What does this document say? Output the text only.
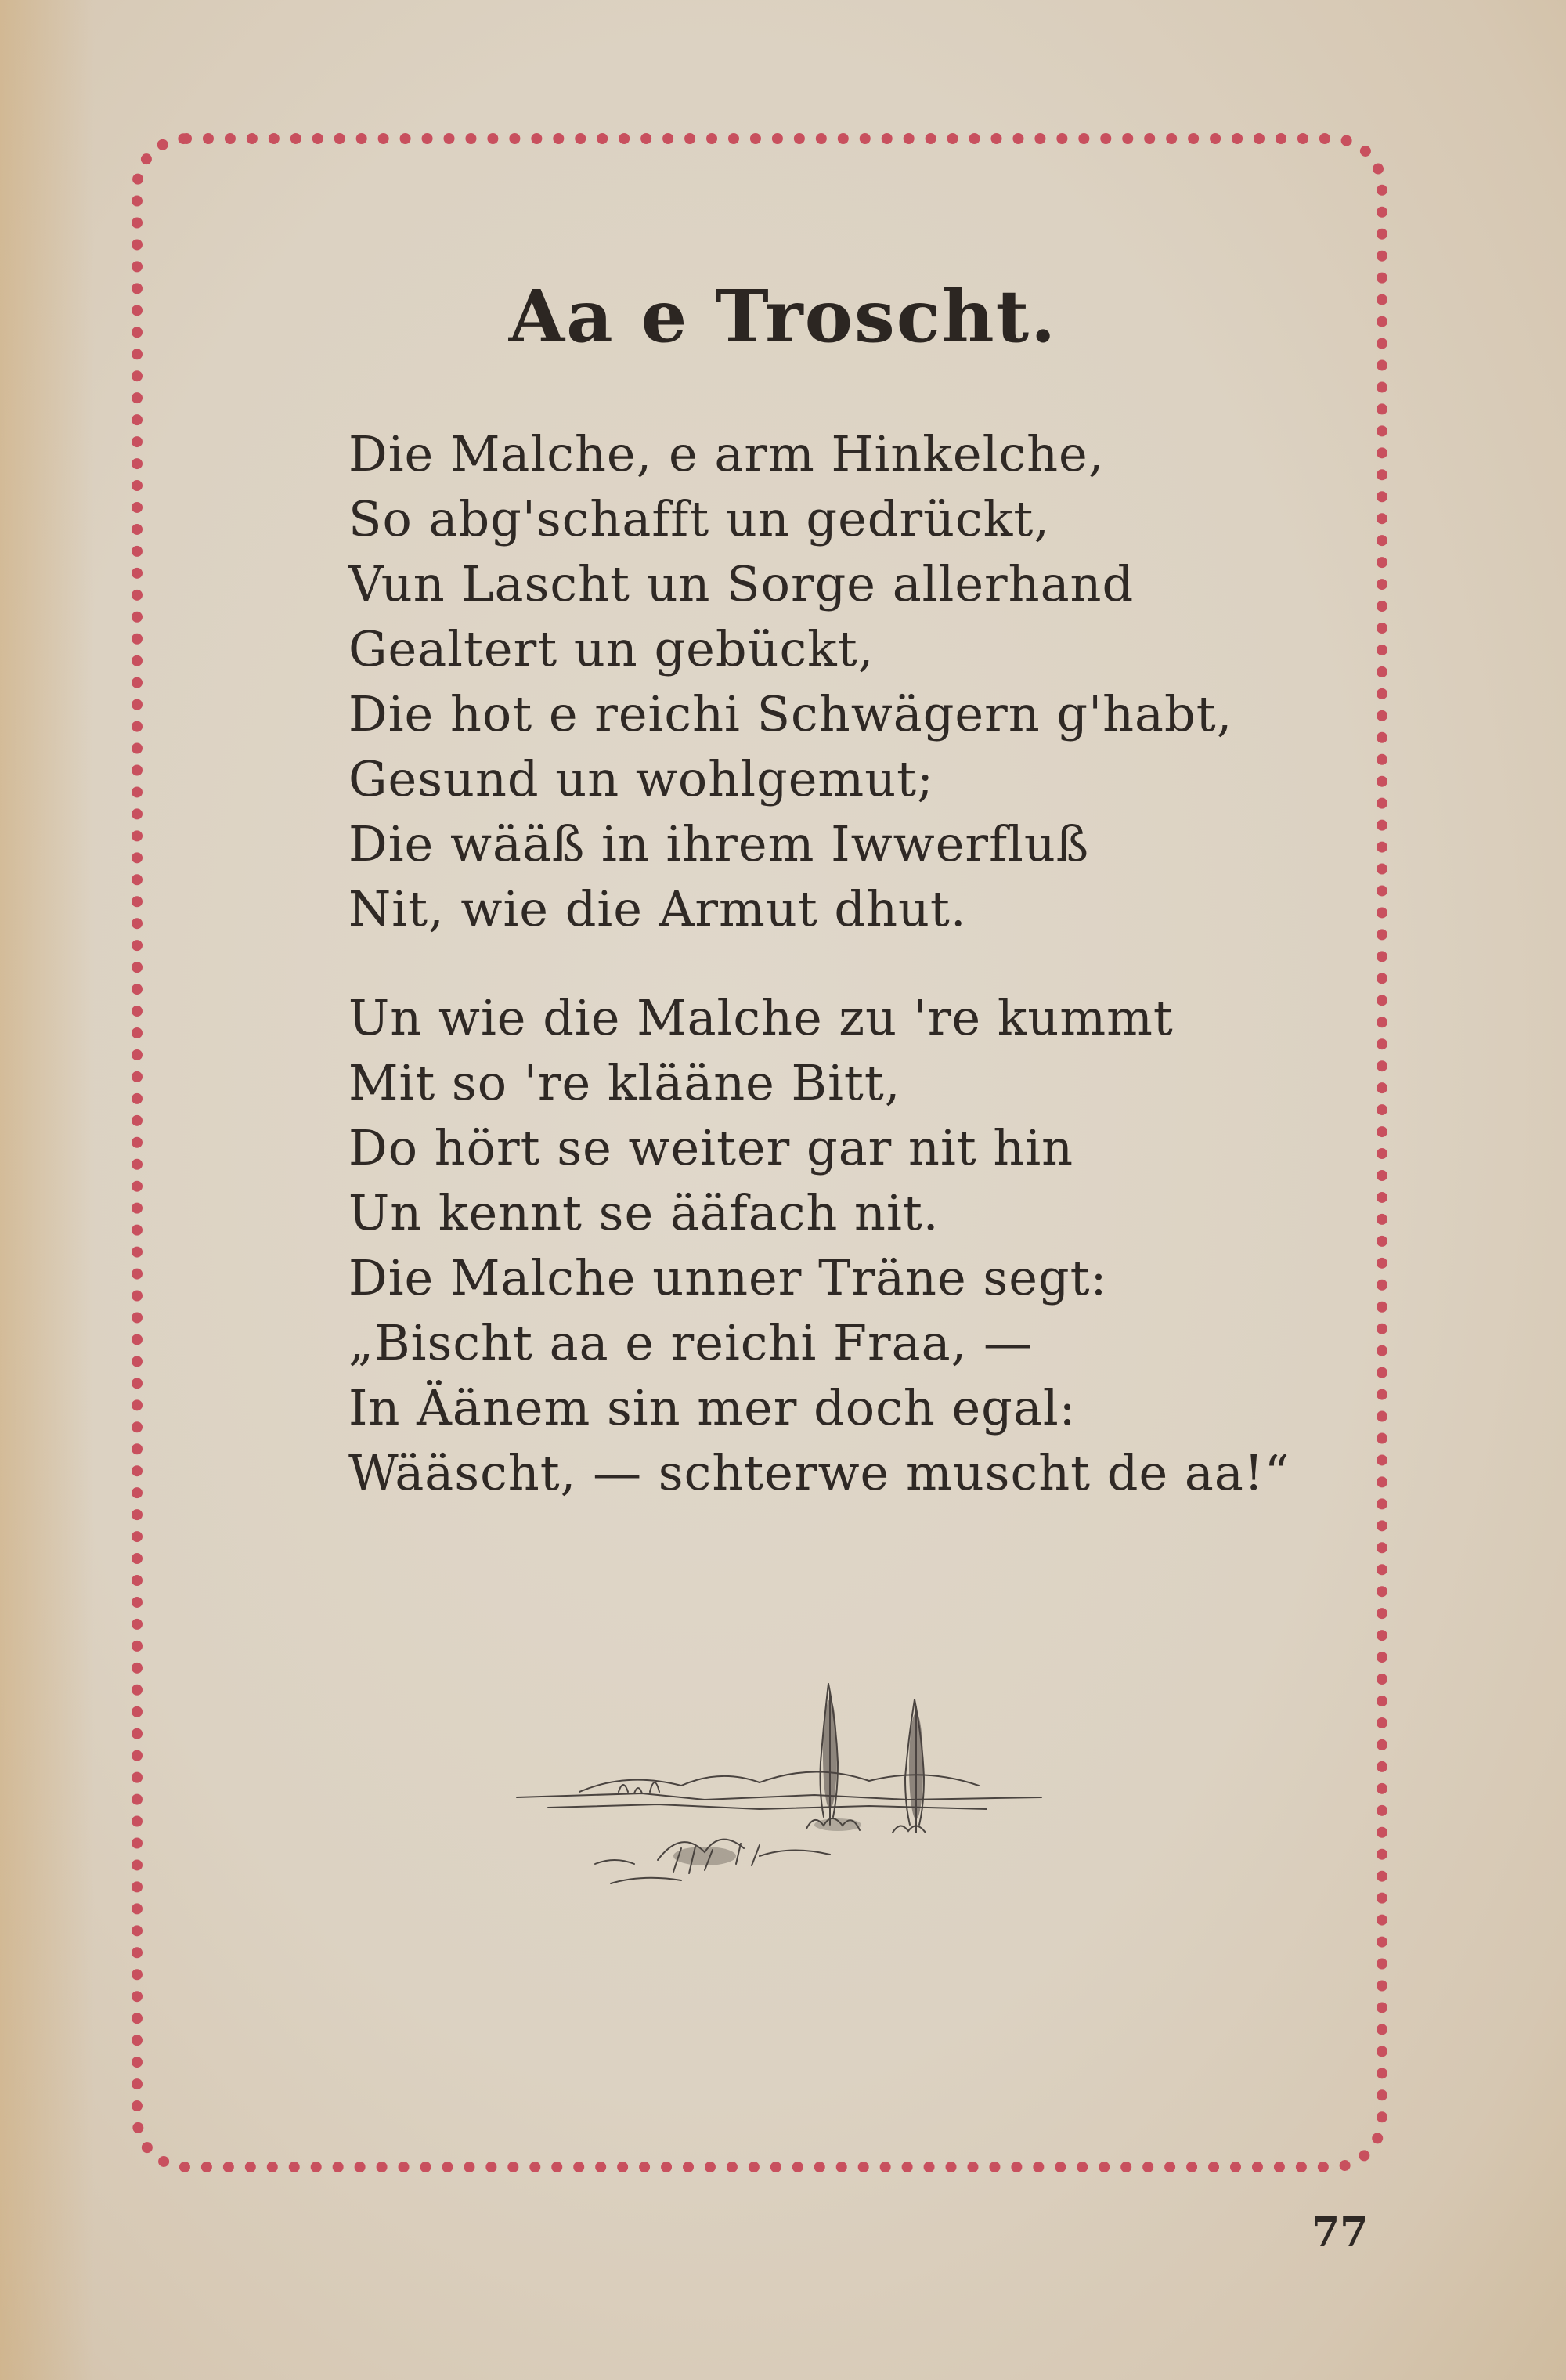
Aa e Troscht.
Die Malche, e arm Hinkelche,
So abg'schafft un gedrückt,
Vun Lascht un Sorge allerhand
Gealtert un gebückt,
Die hot e reichi Schwägern g'habt,
Gesund un wohlgemut;
Die wääß in ihrem Iwwerfluß
Nit, wie die Armut dhut.
Un wie die Malche zu 're kummt
Mit so 're klääne Bitt,
Do hört se weiter gar nit hin
Un kennt se ääfach nit.
Die Malche unner Träne segt:
„Bischt aa e reichi Fraa, —
In Äänem sin mer doch egal:
Wääscht, — schterwe muscht de aa!“
77
